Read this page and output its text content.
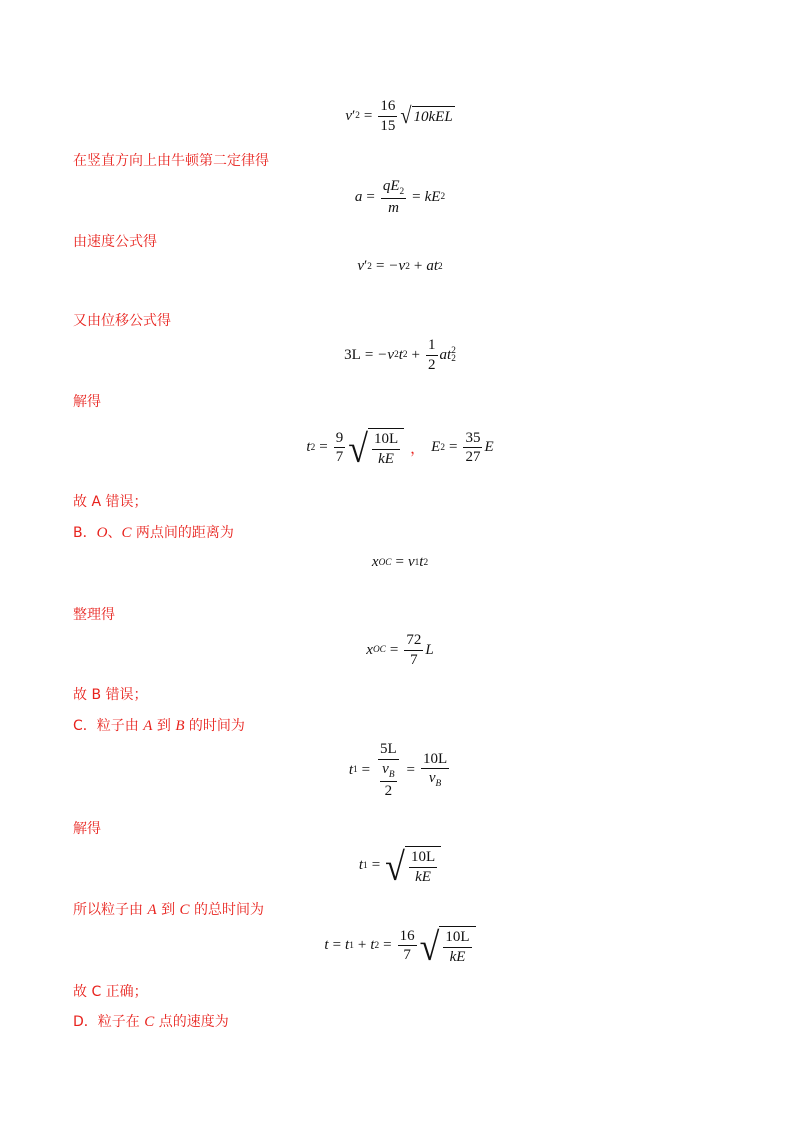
v ′ $2 = \frac{16}{15}$ √ 10kEL
在竖直方向上由牛顿第二定律得
$a = \frac{qE_2}{m}$ = kE 2
由速度公式得
v ′ 2 = −v 2 + at 2
又由位移公式得
3L = −v 2 t $2 + \frac{1}{2}$ at 2
2
解得
t $2 = \frac{9}{7}$ √ $\frac{10L}{kE}$ ， E $2 = \frac{35}{27}$ E
故 A 错误；
B．O、C 两点间的距离为
x OC = v 1 t 2
整理得
x OC = $\frac{72}{7}$ L
故 B 错误；
C．粒子由 A 到 B 的时间为
t $1 = \frac{5L}{\frac{v_B}{2}} = \frac{10L}{v_B}$
解得
t 1 = √ $\frac{10L}{kE}$
所以粒子由 A 到 C 的总时间为
t = t 1 + t $2 = \frac{16}{7}$ √ $\frac{10L}{kE}$
故 C 正确；
D．粒子在 C 点的速度为
